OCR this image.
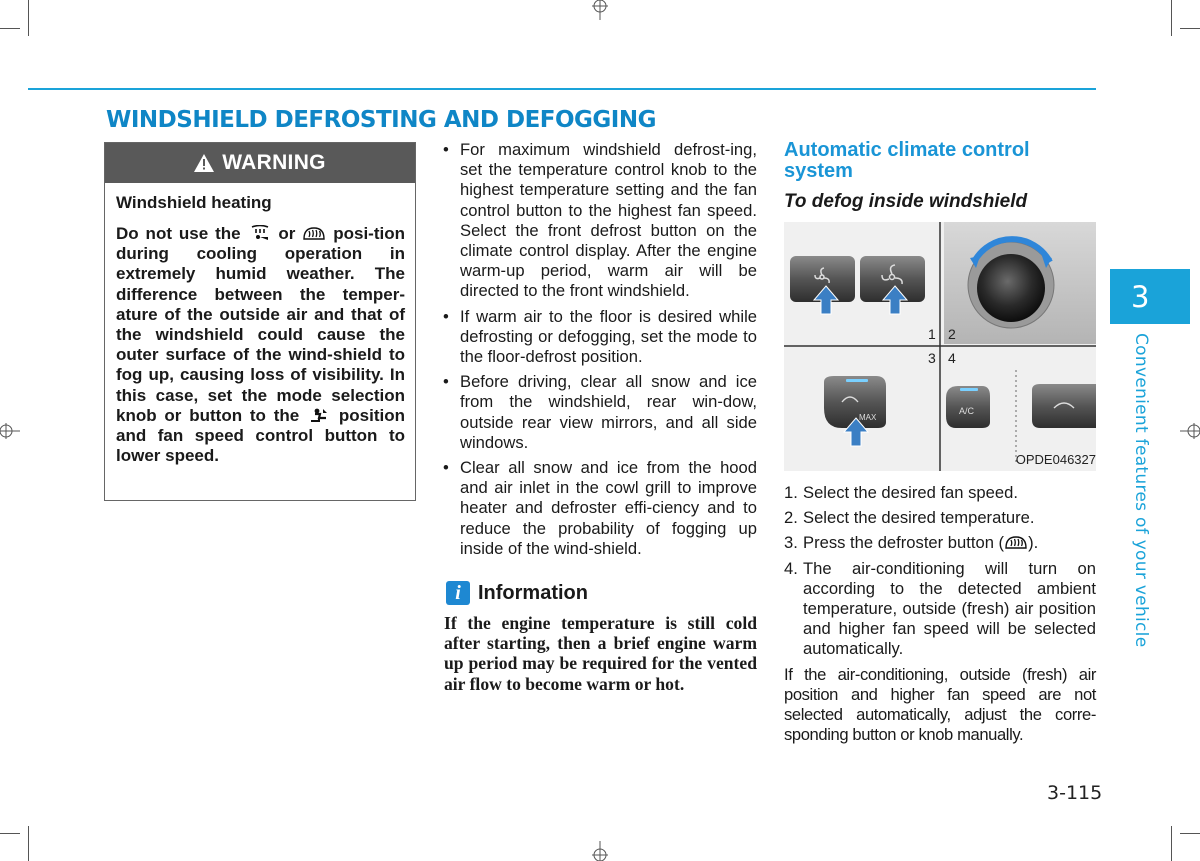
WINDSHIELD DEFROSTING AND DEFOGGING
WARNING
Windshield heating
Do not use the or posi-tion during cooling operation in extremely humid weather. The difference between the temper-ature of the outside air and that of the windshield could cause the outer surface of the wind-shield to fog up, causing loss of visibility. In this case, set the mode selection knob or button to the position and fan speed control button to lower speed.
• For maximum windshield defrost-ing, set the temperature control knob to the highest temperature setting and the fan control button to the highest fan speed. Select the front defrost button on the climate control display. After the engine warm-up period, warm air will be directed to the front windshield.
• If warm air to the floor is desired while defrosting or defogging, set the mode to the floor-defrost position.
• Before driving, clear all snow and ice from the windshield, rear win-dow, outside rear view mirrors, and all side windows.
• Clear all snow and ice from the hood and air inlet in the cowl grill to improve heater and defroster effi-ciency and to reduce the probability of fogging up inside of the wind-shield.
i Information
If the engine temperature is still cold after starting, then a brief engine warm up period may be required for the vented air flow to become warm or hot.
Automatic climate control system
To defog inside windshield
1 2
3 4
MAX
A/C
OPDE046327
1. Select the desired fan speed.
2. Select the desired temperature.
3. Press the defroster button ( ).
4. The air-conditioning will turn on according to the detected ambient temperature, outside (fresh) air position and higher fan speed will be selected automatically.
If the air-conditioning, outside (fresh) air position and higher fan speed are not selected automatically, adjust the corre-sponding button or knob manually.
3
Convenient features of your vehicle
3-115
